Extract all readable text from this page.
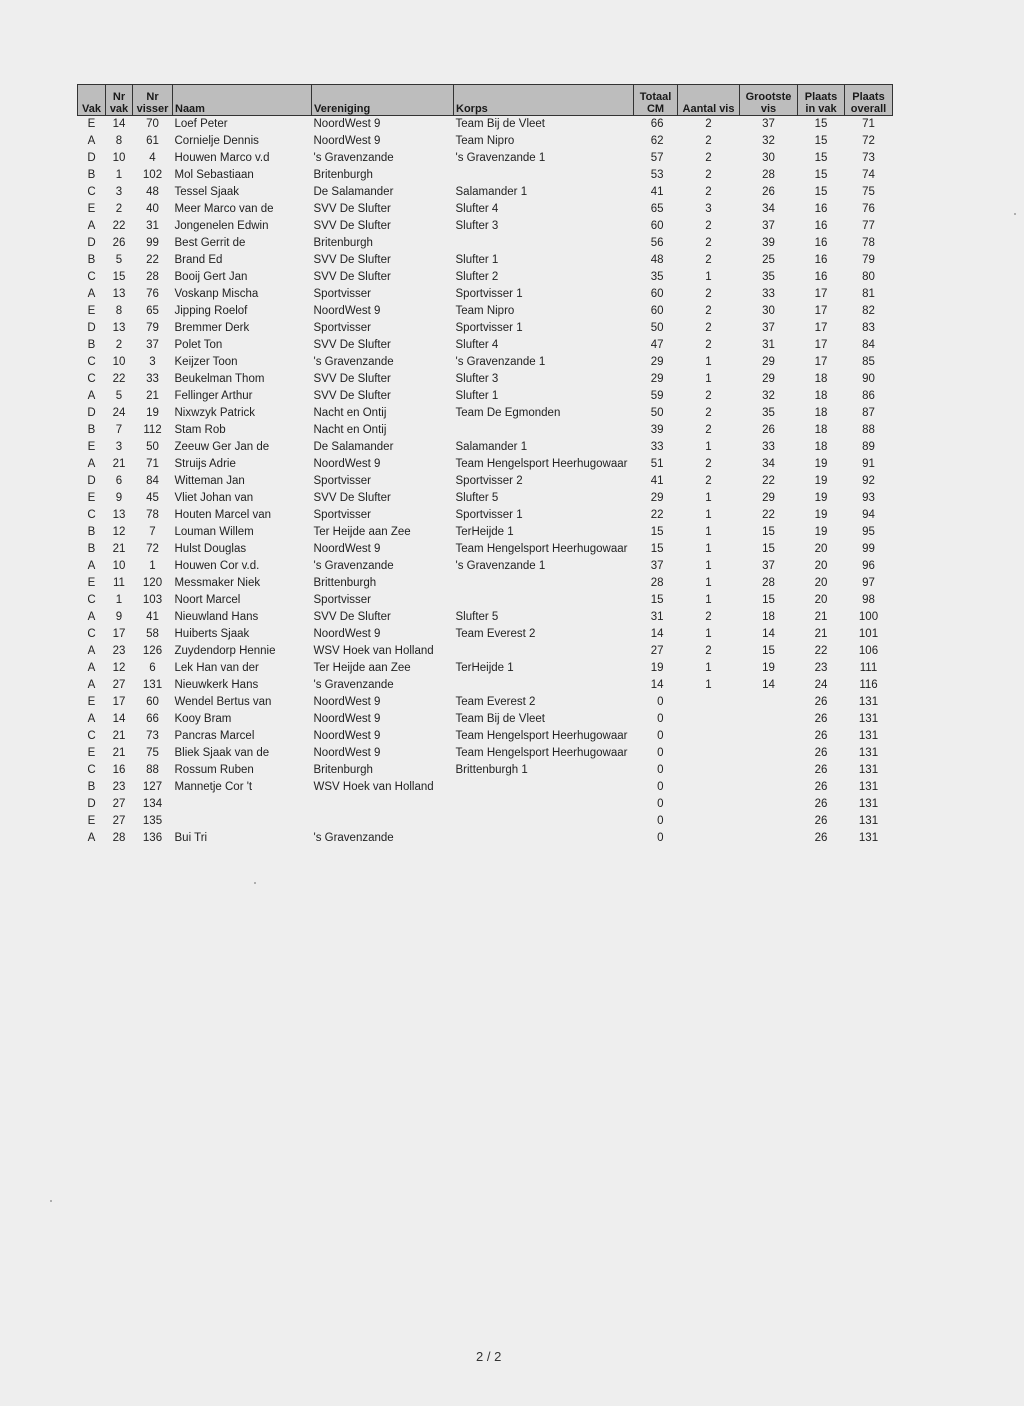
Vak	Nr vak	Nr visser	Naam	Vereniging	Korps	Totaal CM	Aantal vis	Grootste vis	Plaats in vak	Plaats overall
E	14	70	Loef Peter	NoordWest 9	Team Bij de Vleet	66	2	37	15	71
A	8	61	Cornielje Dennis	NoordWest 9	Team Nipro	62	2	32	15	72
D	10	4	Houwen Marco v.d	's Gravenzande	's Gravenzande 1	57	2	30	15	73
B	1	102	Mol Sebastiaan	Britenburgh		53	2	28	15	74
C	3	48	Tessel Sjaak	De Salamander	Salamander 1	41	2	26	15	75
E	2	40	Meer Marco van de	SVV De Slufter	Slufter 4	65	3	34	16	76
A	22	31	Jongenelen Edwin	SVV De Slufter	Slufter 3	60	2	37	16	77
D	26	99	Best Gerrit de	Britenburgh		56	2	39	16	78
B	5	22	Brand Ed	SVV De Slufter	Slufter 1	48	2	25	16	79
C	15	28	Booij Gert Jan	SVV De Slufter	Slufter 2	35	1	35	16	80
A	13	76	Voskanp Mischa	Sportvisser	Sportvisser 1	60	2	33	17	81
E	8	65	Jipping Roelof	NoordWest 9	Team Nipro	60	2	30	17	82
D	13	79	Bremmer Derk	Sportvisser	Sportvisser 1	50	2	37	17	83
B	2	37	Polet Ton	SVV De Slufter	Slufter 4	47	2	31	17	84
C	10	3	Keijzer Toon	's Gravenzande	's Gravenzande 1	29	1	29	17	85
C	22	33	Beukelman Thom	SVV De Slufter	Slufter 3	29	1	29	18	90
A	5	21	Fellinger Arthur	SVV De Slufter	Slufter 1	59	2	32	18	86
D	24	19	Nixwzyk Patrick	Nacht en Ontij	Team De Egmonden	50	2	35	18	87
B	7	112	Stam Rob	Nacht en Ontij		39	2	26	18	88
E	3	50	Zeeuw Ger Jan de	De Salamander	Salamander 1	33	1	33	18	89
A	21	71	Struijs Adrie	NoordWest 9	Team Hengelsport Heerhugowaar	51	2	34	19	91
D	6	84	Witteman Jan	Sportvisser	Sportvisser 2	41	2	22	19	92
E	9	45	Vliet Johan van	SVV De Slufter	Slufter 5	29	1	29	19	93
C	13	78	Houten Marcel van	Sportvisser	Sportvisser 1	22	1	22	19	94
B	12	7	Louman Willem	Ter Heijde aan Zee	TerHeijde 1	15	1	15	19	95
B	21	72	Hulst Douglas	NoordWest 9	Team Hengelsport Heerhugowaar	15	1	15	20	99
A	10	1	Houwen Cor v.d.	's Gravenzande	's Gravenzande 1	37	1	37	20	96
E	11	120	Messmaker Niek	Brittenburgh		28	1	28	20	97
C	1	103	Noort Marcel	Sportvisser		15	1	15	20	98
A	9	41	Nieuwland Hans	SVV De Slufter	Slufter 5	31	2	18	21	100
C	17	58	Huiberts Sjaak	NoordWest 9	Team Everest 2	14	1	14	21	101
A	23	126	Zuydendorp Hennie	WSV Hoek van Holland		27	2	15	22	106
A	12	6	Lek Han van der	Ter Heijde aan Zee	TerHeijde 1	19	1	19	23	111
A	27	131	Nieuwkerk Hans	's Gravenzande		14	1	14	24	116
E	17	60	Wendel Bertus van	NoordWest 9	Team Everest 2	0			26	131
A	14	66	Kooy Bram	NoordWest 9	Team Bij de Vleet	0			26	131
C	21	73	Pancras Marcel	NoordWest 9	Team Hengelsport Heerhugowaar	0			26	131
E	21	75	Bliek Sjaak van de	NoordWest 9	Team Hengelsport Heerhugowaar	0			26	131
C	16	88	Rossum Ruben	Britenburgh	Brittenburgh 1	0			26	131
B	23	127	Mannetje Cor 't	WSV Hoek van Holland		0			26	131
D	27	134				0			26	131
E	27	135				0			26	131
A	28	136	Bui Tri	's Gravenzande		0			26	131
2 / 2
